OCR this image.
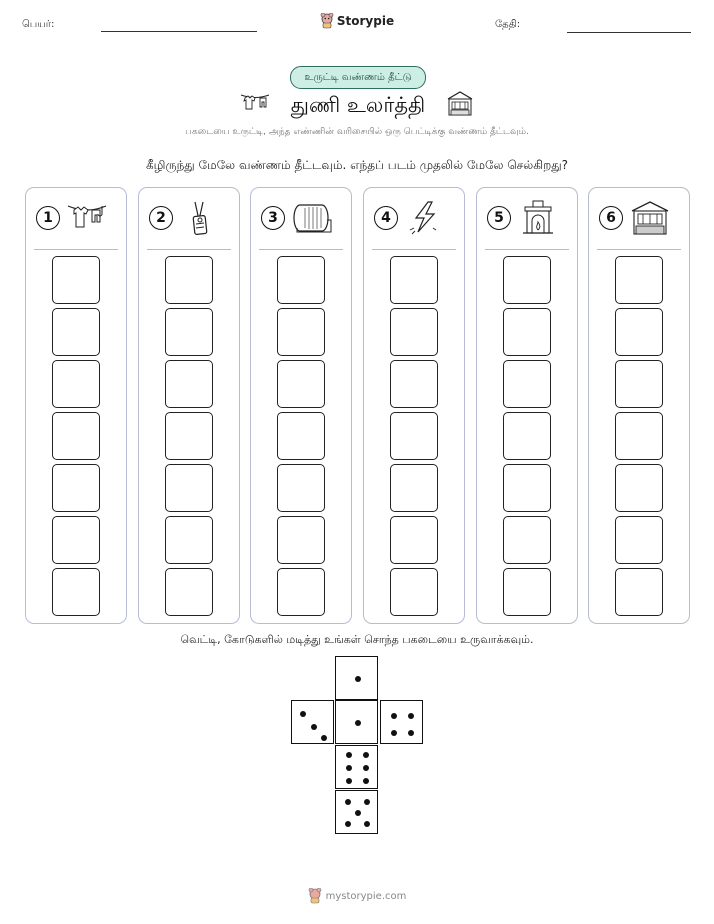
பெயர்:	Storypie	தேதி:
உருட்டி வண்ணம் தீட்டு
துணி உலர்த்தி
பகடையை உருட்டி, அந்த எண்ணின் வரிசையில் ஒரு பெட்டிக்கு வண்ணம் தீட்டவும்.
கீழிருந்து மேலே வண்ணம் தீட்டவும். எந்தப் படம் முதலில் மேலே செல்கிறது?
1	2	3	4	5	6
வெட்டி, கோடுகளில் மடித்து உங்கள் சொந்த பகடையை உருவாக்கவும்.
mystorypie.com
